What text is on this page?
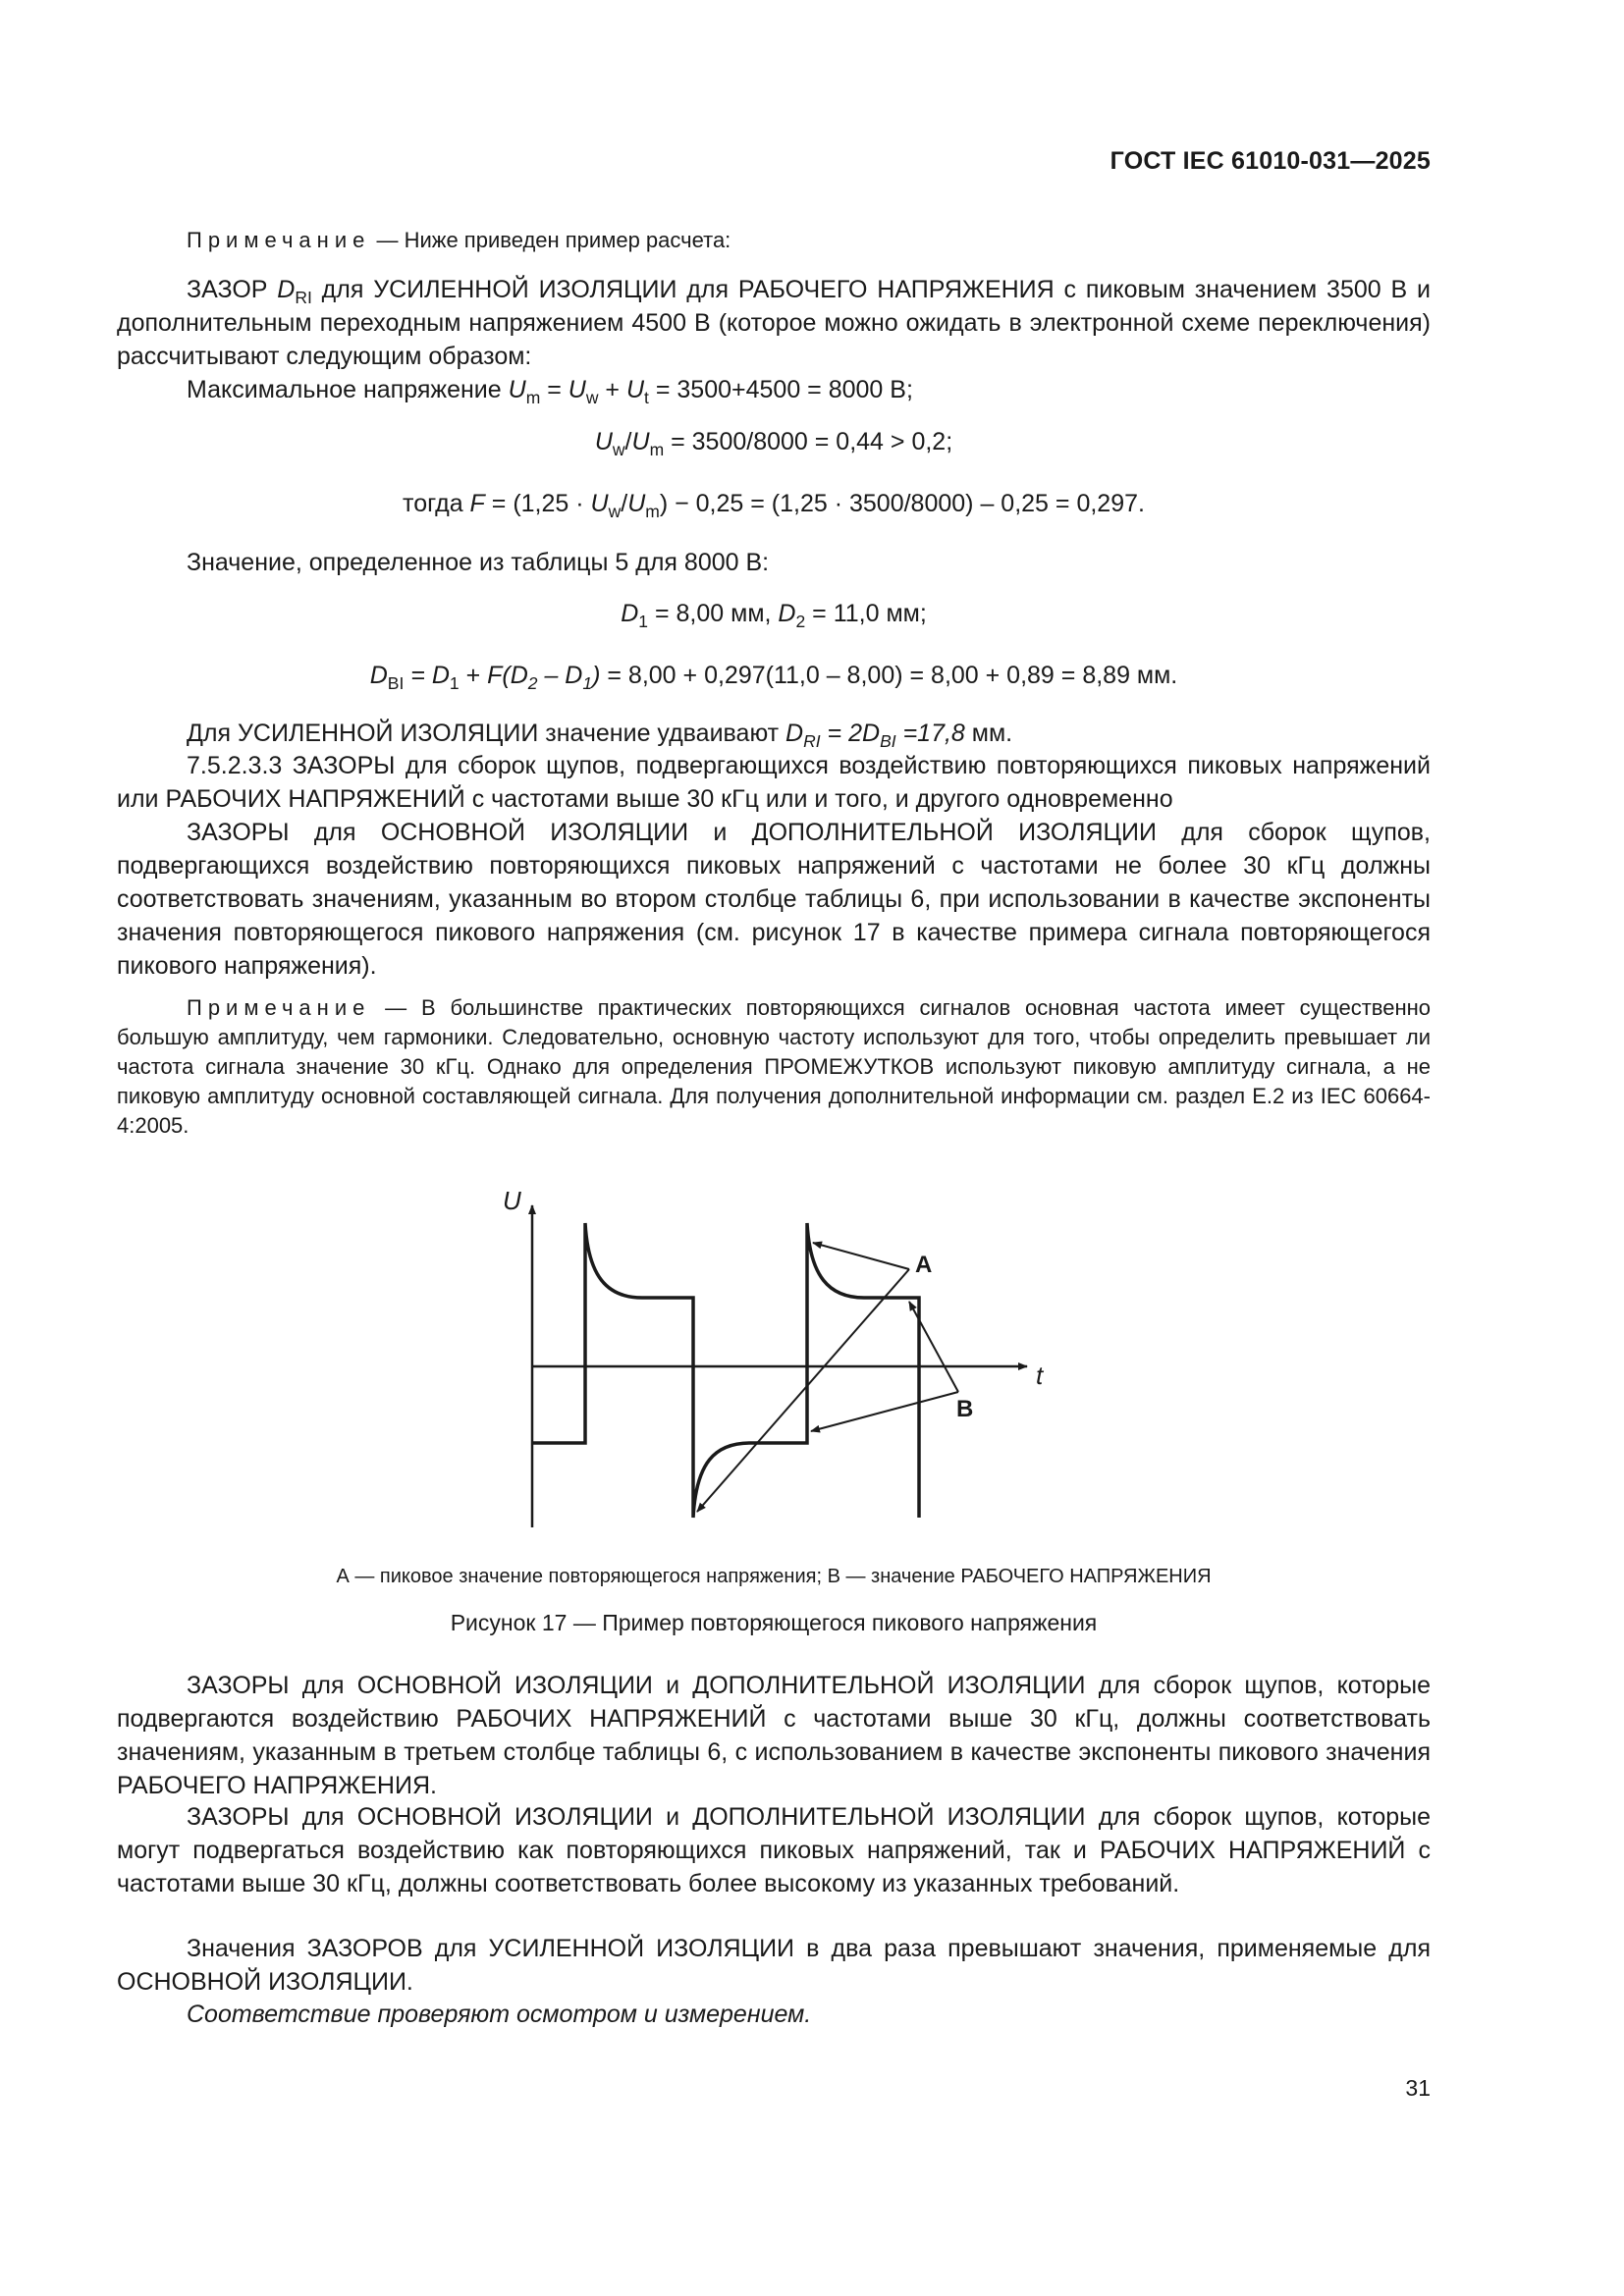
ГОСТ IEC 61010-031—2025

Примечание — Ниже приведен пример расчета:

ЗАЗОР $D_{RI}$ для УСИЛЕННОЙ ИЗОЛЯЦИИ для РАБОЧЕГО НАПРЯЖЕНИЯ с пиковым значением 3500 В и дополнительным переходным напряжением 4500 В (которое можно ожидать в электронной схеме переключения) рассчитывают следующим образом:

Максимальное напряжение $U_m = U_w + U_t = 3500+4500 = 8000$ В;

$U_w/U_m = 3500/8000 = 0,44 > 0,2$;
тогда $F = (1,25 \cdot U_w/U_m) - 0,25 = (1,25 \cdot 3500/8000) - 0,25 = 0,297$.

Значение, определенное из таблицы 5 для 8000 В:

$D_1 = 8,00$ мм, $D_2 = 11,0$ мм;
$D_{BI} = D_1 + F(D_2 - D_1) = 8,00 + 0,297(11,0 - 8,00) = 8,00 + 0,89 = 8,89$ мм.

Для УСИЛЕННОЙ ИЗОЛЯЦИИ значение удваивают $D_{RI} = 2D_{BI} =17,8$ мм.

7.5.2.3.3 ЗАЗОРЫ для сборок щупов, подвергающихся воздействию повторяющихся пиковых напряжений или РАБОЧИХ НАПРЯЖЕНИЙ с частотами выше 30 кГц или и того, и другого одновременно

ЗАЗОРЫ для ОСНОВНОЙ ИЗОЛЯЦИИ и ДОПОЛНИТЕЛЬНОЙ ИЗОЛЯЦИИ для сборок щупов, подвергающихся воздействию повторяющихся пиковых напряжений с частотами не более 30 кГц должны соответствовать значениям, указанным во втором столбце таблицы 6, при использовании в качестве экспоненты значения повторяющегося пикового напряжения (см. рисунок 17 в качестве примера сигнала повторяющегося пикового напряжения).

Примечание — В большинстве практических повторяющихся сигналов основная частота имеет существенно большую амплитуду, чем гармоники. Следовательно, основную частоту используют для того, чтобы определить превышает ли частота сигнала значение 30 кГц. Однако для определения ПРОМЕЖУТКОВ используют пиковую амплитуду сигнала, а не пиковую амплитуду основной составляющей сигнала. Для получения дополнительной информации см. раздел Е.2 из IEC 60664-4:2005.

U
t
A
B
А — пиковое значение повторяющегося напряжения; В — значение РАБОЧЕГО НАПРЯЖЕНИЯ
Рисунок 17 — Пример повторяющегося пикового напряжения

ЗАЗОРЫ для ОСНОВНОЙ ИЗОЛЯЦИИ и ДОПОЛНИТЕЛЬНОЙ ИЗОЛЯЦИИ для сборок щупов, которые подвергаются воздействию РАБОЧИХ НАПРЯЖЕНИЙ с частотами выше 30 кГц, должны соответствовать значениям, указанным в третьем столбце таблицы 6, с использованием в качестве экспоненты пикового значения РАБОЧЕГО НАПРЯЖЕНИЯ.

ЗАЗОРЫ для ОСНОВНОЙ ИЗОЛЯЦИИ и ДОПОЛНИТЕЛЬНОЙ ИЗОЛЯЦИИ для сборок щупов, которые могут подвергаться воздействию как повторяющихся пиковых напряжений, так и РАБОЧИХ НАПРЯЖЕНИЙ с частотами выше 30 кГц, должны соответствовать более высокому из указанных требований.

Значения ЗАЗОРОВ для УСИЛЕННОЙ ИЗОЛЯЦИИ в два раза превышают значения, применяемые для ОСНОВНОЙ ИЗОЛЯЦИИ.

Соответствие проверяют осмотром и измерением.

31
